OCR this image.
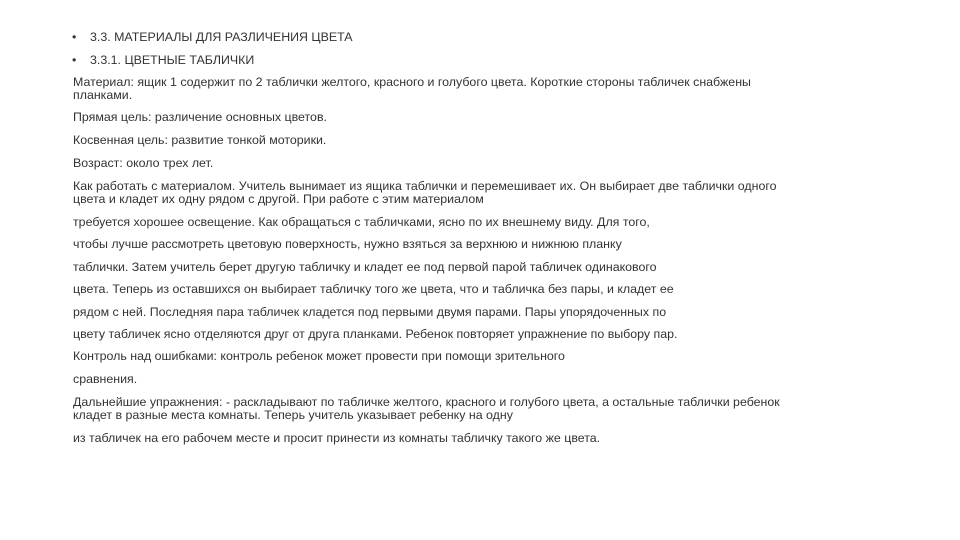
•	3.3. МАТЕРИАЛЫ ДЛЯ РАЗЛИЧЕНИЯ ЦВЕТА
•	3.3.1. ЦВЕТНЫЕ ТАБЛИЧКИ
Материал: ящик 1 содержит по 2 таблички желтого, красного и голубого цвета. Короткие стороны табличек снабжены
планками.
Прямая цель: различение основных цветов.
Косвенная цель: развитие тонкой моторики.
Возраст: около трех лет.
Как работать с материалом. Учитель вынимает из ящика таблички и перемешивает их. Он выбирает две таблички одного
цвета и кладет их одну рядом с другой. При работе с этим материалом
требуется хорошее освещение. Как обращаться с табличками, ясно по их внешнему виду. Для того,
чтобы лучше рассмотреть цветовую поверхность, нужно взяться за верхнюю и нижнюю планку
таблички. Затем учитель берет другую табличку и кладет ее под первой парой табличек одинакового
цвета. Теперь из оставшихся он выбирает табличку того же цвета, что и табличка без пары, и кладет ее
рядом с ней. Последняя пара табличек кладется под первыми двумя парами. Пары упорядоченных по
цвету табличек ясно отделяются друг от друга планками. Ребенок повторяет упражнение по выбору пар.
Контроль над ошибками: контроль ребенок может провести при помощи зрительного
сравнения.
Дальнейшие упражнения: - раскладывают по табличке желтого, красного и голубого цвета, а остальные таблички ребенок
кладет в разные места комнаты. Теперь учитель указывает ребенку на одну
из табличек на его рабочем месте и просит принести из комнаты табличку такого же цвета.
